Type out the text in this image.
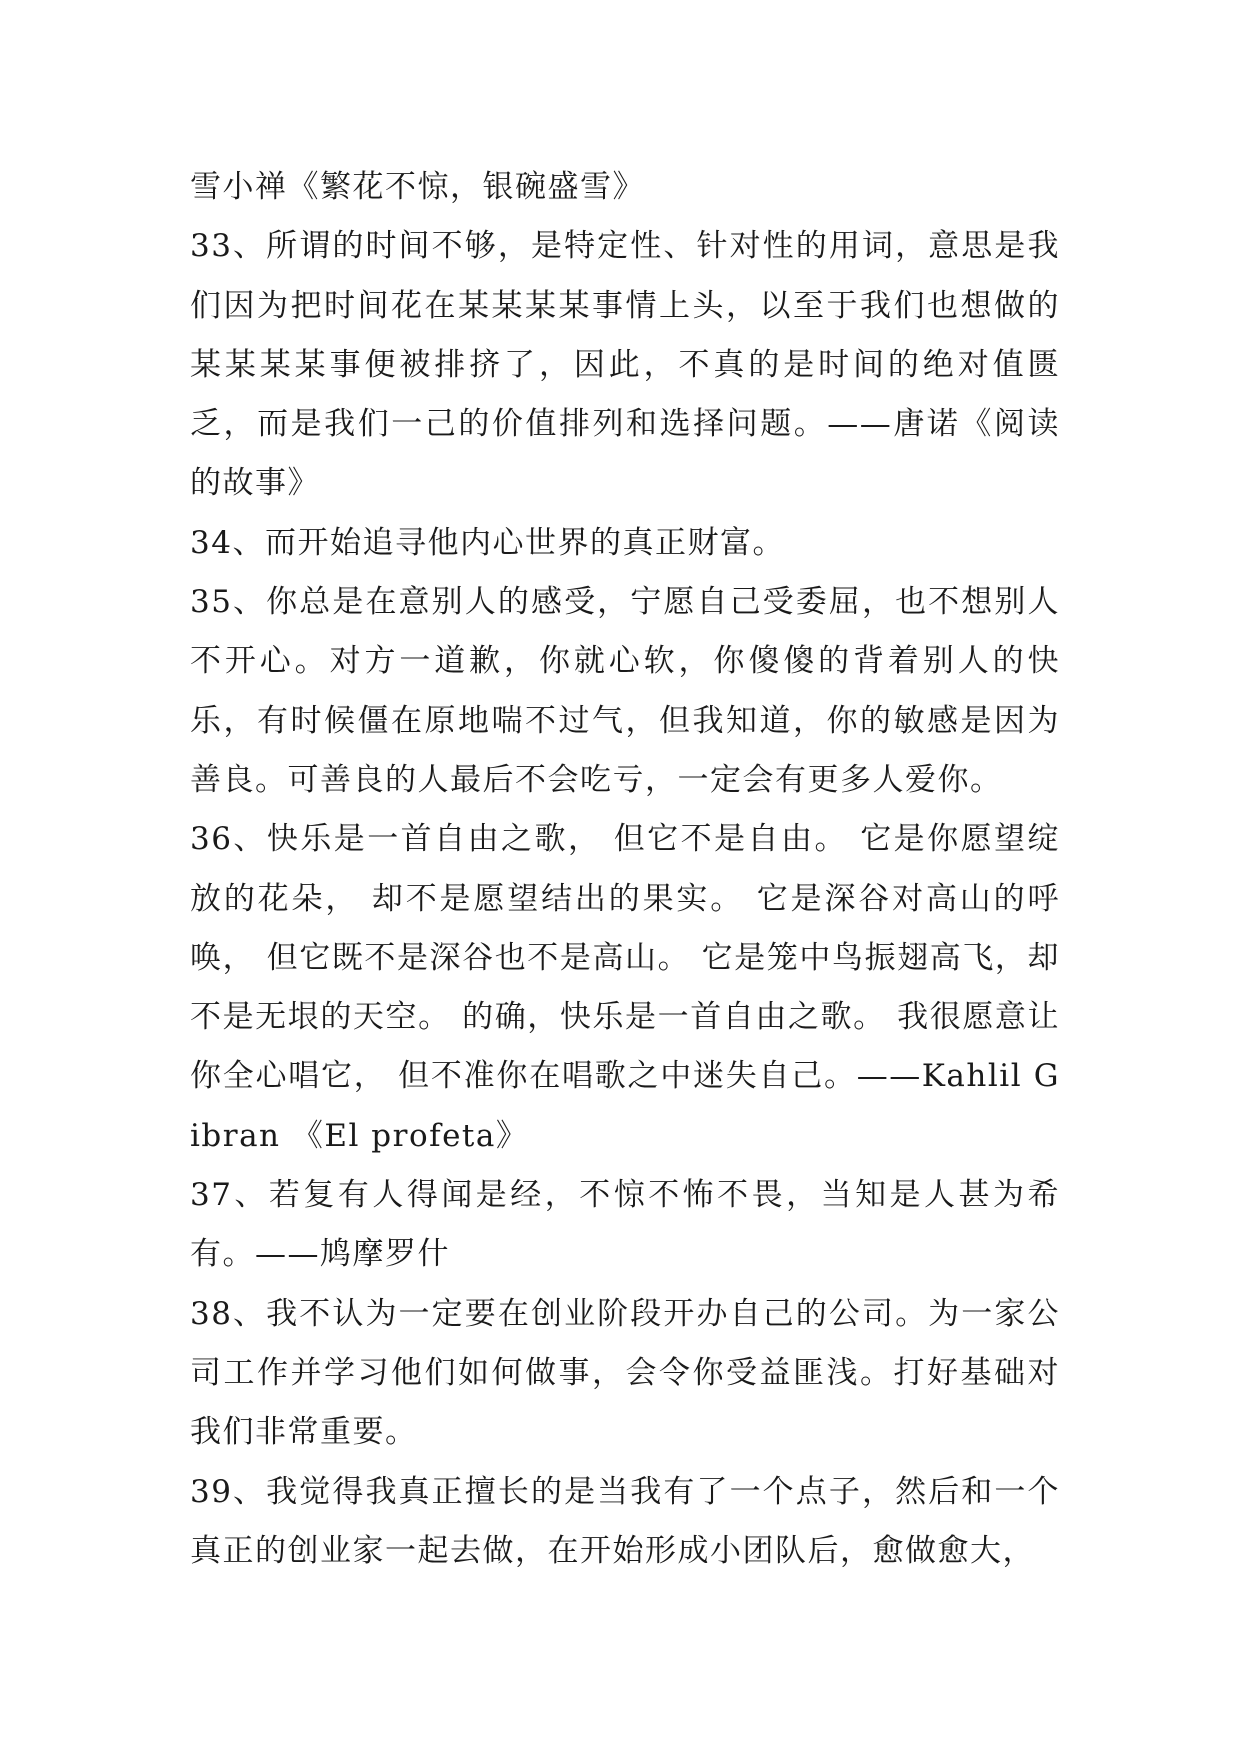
雪小禅《繁花不惊，银碗盛雪》

33、所谓的时间不够，是特定性、针对性的用词，意思是我们因为把时间花在某某某某事情上头，以至于我们也想做的某某某某事便被排挤了，因此，不真的是时间的绝对值匮乏，而是我们一己的价值排列和选择问题。——唐诺《阅读的故事》

34、而开始追寻他内心世界的真正财富。

35、你总是在意别人的感受，宁愿自己受委屈，也不想别人不开心。对方一道歉，你就心软，你傻傻的背着别人的快乐，有时候僵在原地喘不过气，但我知道，你的敏感是因为善良。可善良的人最后不会吃亏，一定会有更多人爱你。

36、快乐是一首自由之歌， 但它不是自由。 它是你愿望绽放的花朵， 却不是愿望结出的果实。 它是深谷对高山的呼唤， 但它既不是深谷也不是高山。 它是笼中鸟振翅高飞，却不是无垠的天空。 的确，快乐是一首自由之歌。 我很愿意让你全心唱它， 但不准你在唱歌之中迷失自己。——Kahlil Gibran 《El profeta》

37、若复有人得闻是经，不惊不怖不畏，当知是人甚为希有。——鸠摩罗什

38、我不认为一定要在创业阶段开办自己的公司。为一家公司工作并学习他们如何做事，会令你受益匪浅。打好基础对我们非常重要。

39、我觉得我真正擅长的是当我有了一个点子，然后和一个真正的创业家一起去做，在开始形成小团队后，愈做愈大，
